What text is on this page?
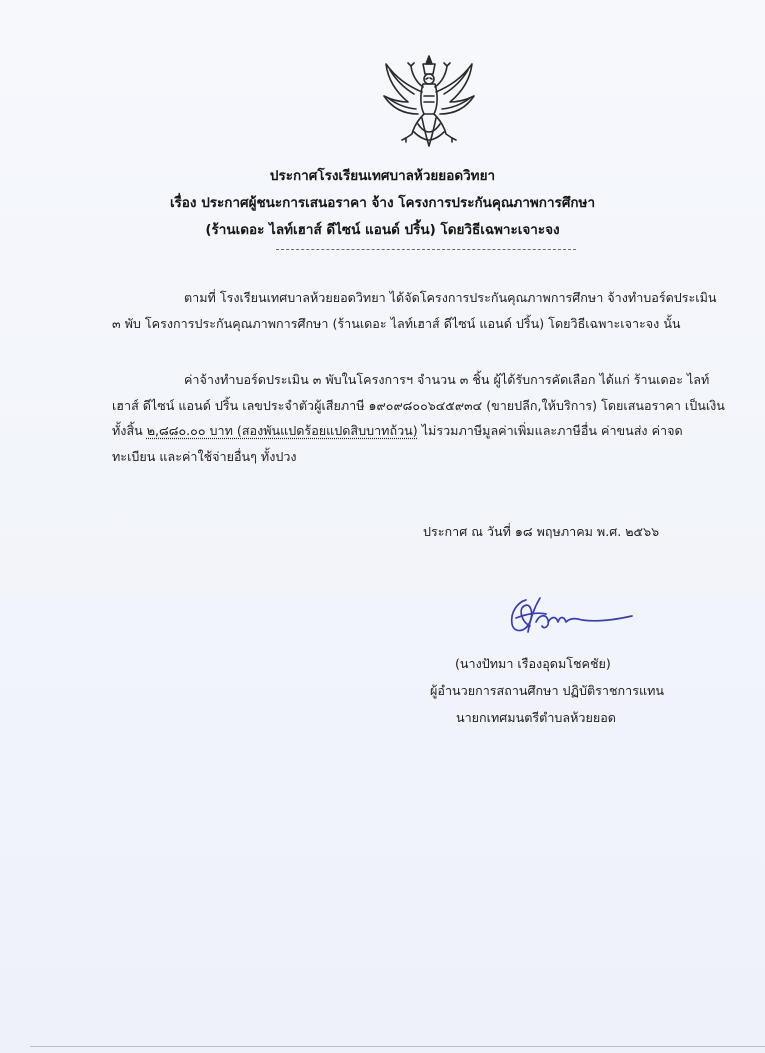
ประกาศโรงเรียนเทศบาลห้วยยอดวิทยา
เรื่อง ประกาศผู้ชนะการเสนอราคา จ้าง โครงการประกันคุณภาพการศึกษา
(ร้านเดอะ ไลท์เฮาส์ ดีไซน์ แอนด์ ปริ้น) โดยวิธีเฉพาะเจาะจง
ตามที่ โรงเรียนเทศบาลห้วยยอดวิทยา ได้จัดโครงการประกันคุณภาพการศึกษา จ้างทำบอร์ดประเมิน
๓ พับ โครงการประกันคุณภาพการศึกษา (ร้านเดอะ ไลท์เฮาส์ ดีไซน์ แอนด์ ปริ้น) โดยวิธีเฉพาะเจาะจง นั้น
ค่าจ้างทำบอร์ดประเมิน ๓ พับในโครงการฯ จำนวน ๓ ชิ้น ผู้ได้รับการคัดเลือก ได้แก่ ร้านเดอะ ไลท์
เฮาส์ ดีไซน์ แอนด์ ปริ้น เลขประจำตัวผู้เสียภาษี ๑๙๐๙๘๐๐๖๔๕๙๓๔ (ขายปลีก,ให้บริการ) โดยเสนอราคา เป็นเงิน
ทั้งสิ้น ๒,๘๘๐.๐๐ บาท (สองพันแปดร้อยแปดสิบบาทถ้วน) ไม่รวมภาษีมูลค่าเพิ่มและภาษีอื่น ค่าขนส่ง ค่าจด
ทะเบียน และค่าใช้จ่ายอื่นๆ ทั้งปวง
ประกาศ ณ วันที่ ๑๘ พฤษภาคม พ.ศ. ๒๕๖๖
(นางปัทมา เรืองอุดมโชคชัย)
ผู้อำนวยการสถานศึกษา ปฏิบัติราชการแทน
นายกเทศมนตรีตำบลห้วยยอด
